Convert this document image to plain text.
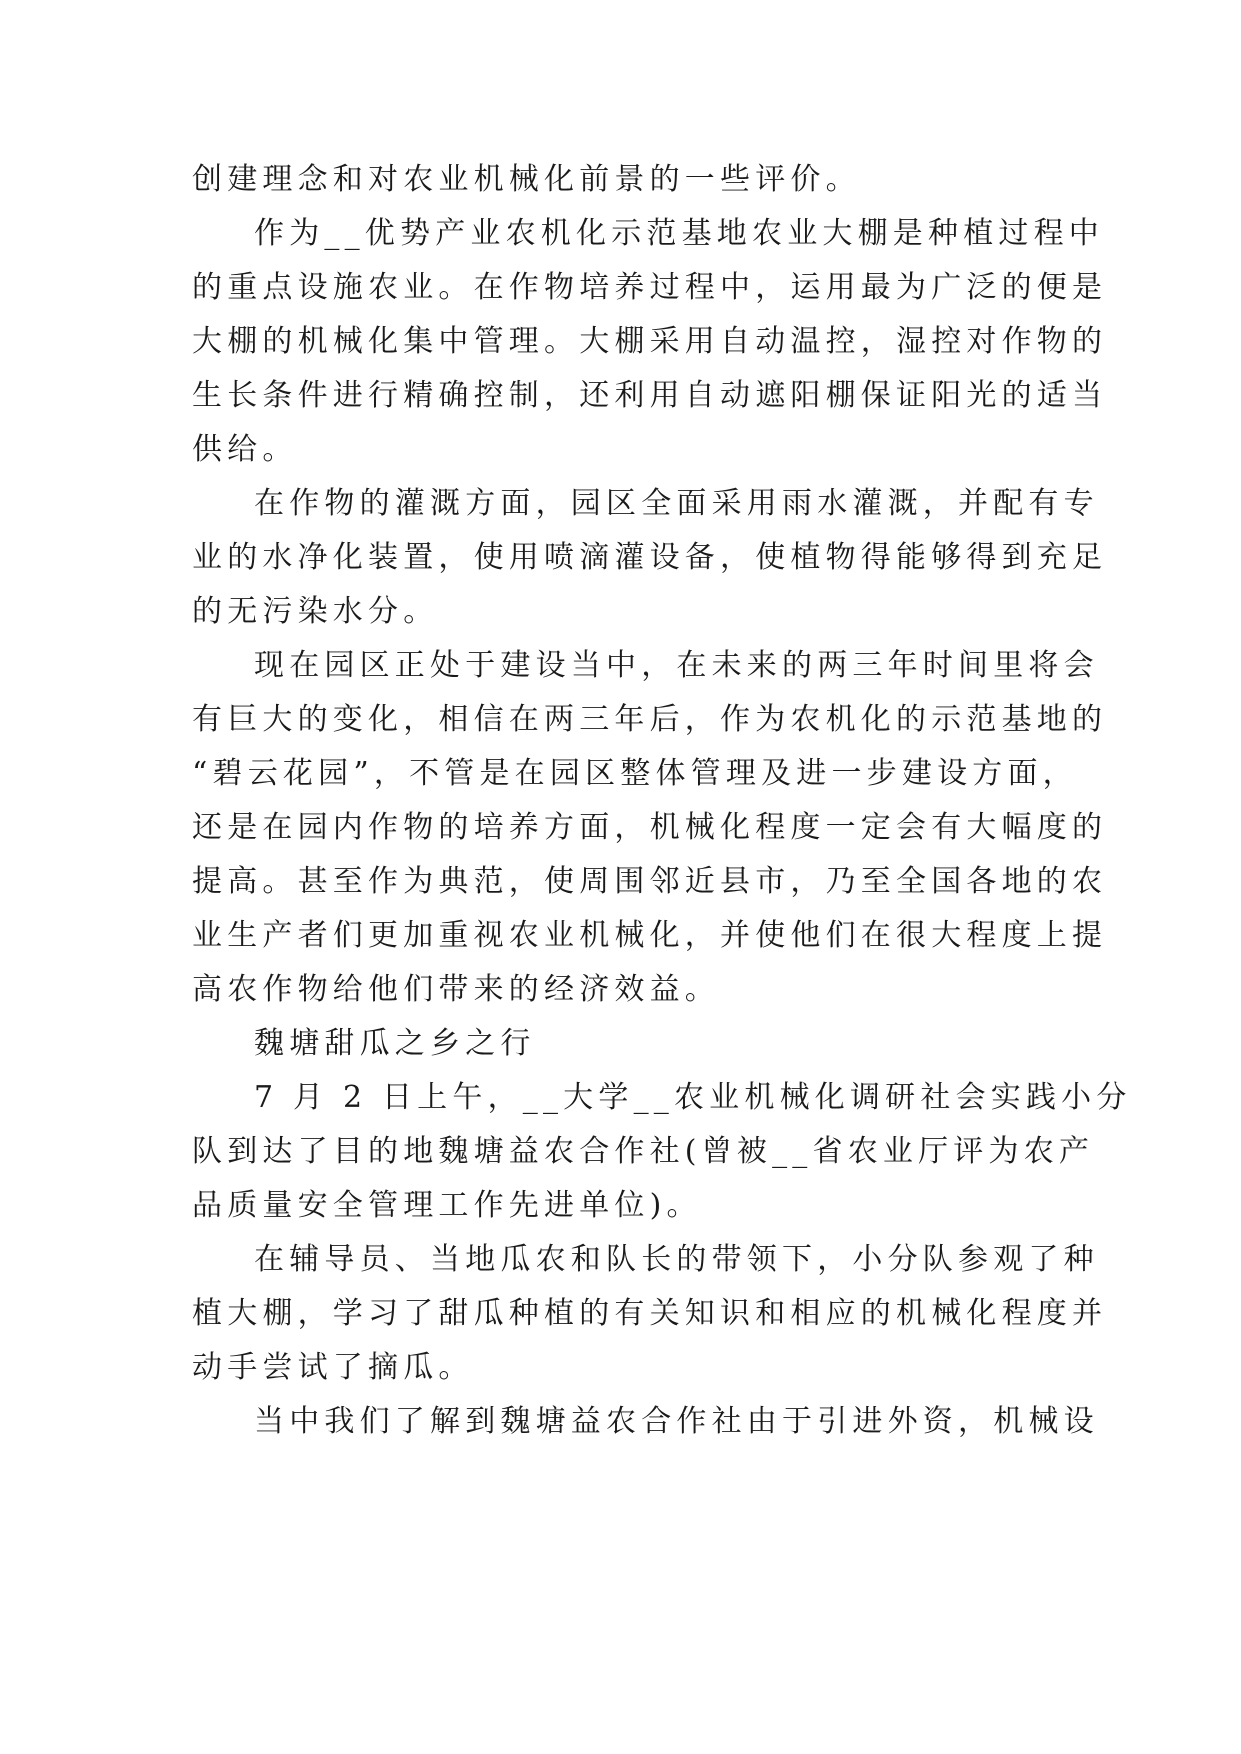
创建理念和对农业机械化前景的一些评价。
作为__优势产业农机化示范基地农业大棚是种植过程中
的重点设施农业。在作物培养过程中，运用最为广泛的便是
大棚的机械化集中管理。大棚采用自动温控，湿控对作物的
生长条件进行精确控制，还利用自动遮阳棚保证阳光的适当
供给。
在作物的灌溉方面，园区全面采用雨水灌溉，并配有专
业的水净化装置，使用喷滴灌设备，使植物得能够得到充足
的无污染水分。
现在园区正处于建设当中，在未来的两三年时间里将会
有巨大的变化，相信在两三年后，作为农机化的示范基地的
“碧云花园”，不管是在园区整体管理及进一步建设方面，
还是在园内作物的培养方面，机械化程度一定会有大幅度的
提高。甚至作为典范，使周围邻近县市，乃至全国各地的农
业生产者们更加重视农业机械化，并使他们在很大程度上提
高农作物给他们带来的经济效益。
魏塘甜瓜之乡之行
7 月 2 日上午，__大学__农业机械化调研社会实践小分
队到达了目的地魏塘益农合作社(曾被__省农业厅评为农产
品质量安全管理工作先进单位)。
在辅导员、当地瓜农和队长的带领下，小分队参观了种
植大棚，学习了甜瓜种植的有关知识和相应的机械化程度并
动手尝试了摘瓜。
当中我们了解到魏塘益农合作社由于引进外资，机械设
